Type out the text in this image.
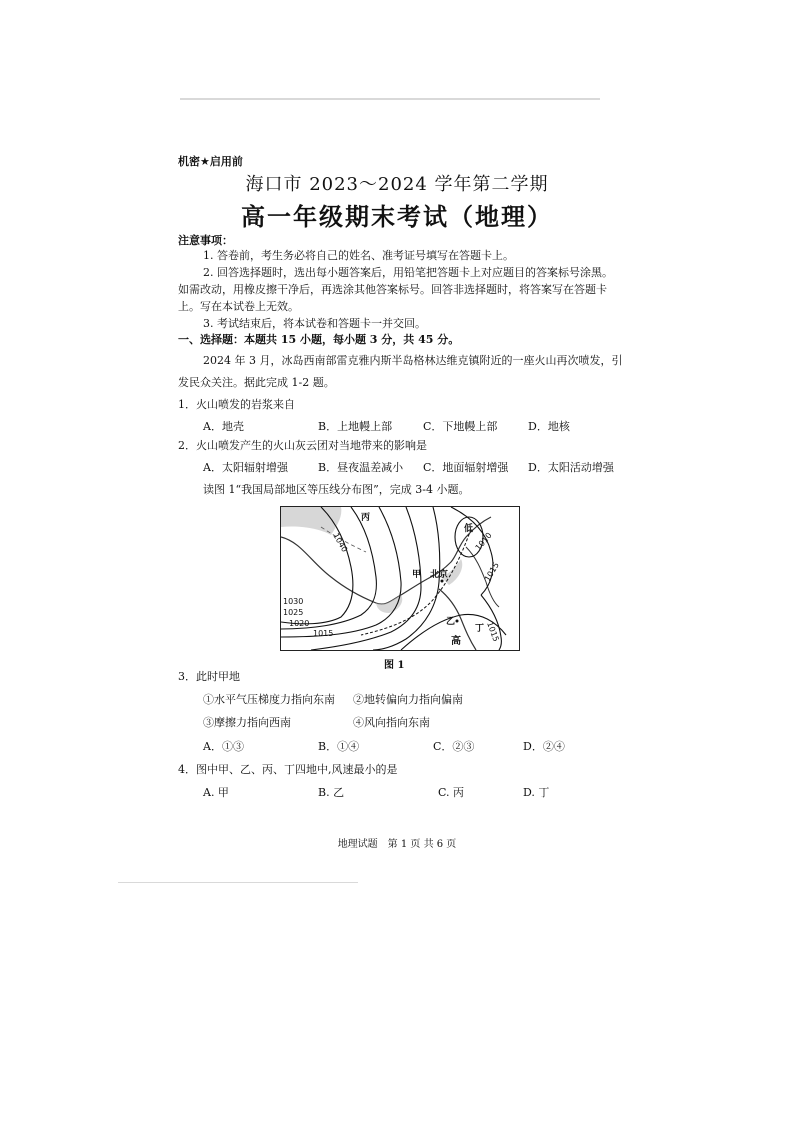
机密★启用前
海口市 2023～2024 学年第二学期
高一年级期末考试（地理）
注意事项：
1. 答卷前，考生务必将自己的姓名、准考证号填写在答题卡上。
2. 回答选择题时，选出每小题答案后，用铅笔把答题卡上对应题目的答案标号涂黑。
如需改动，用橡皮擦干净后，再选涂其他答案标号。回答非选择题时，将答案写在答题卡
上。写在本试卷上无效。
3. 考试结束后，将本试卷和答题卡一并交回。
一、选择题：本题共 15 小题，每小题 3 分，共 45 分。
2024 年 3 月，冰岛西南部雷克雅内斯半岛格林达维克镇附近的一座火山再次喷发，引
发民众关注。据此完成 1-2 题。
1．火山喷发的岩浆来自
A．地壳	B．上地幔上部	C．下地幔上部	D．地核
2．火山喷发产生的火山灰云团对当地带来的影响是
A．太阳辐射增强	B．昼夜温差减小 C．地面辐射增强 D．太阳活动增强
读图 1“我国局部地区等压线分布图”，完成 3-4 小题。
丙
低
甲 北京
乙
丁
高
1040
1030
1025
1020
1015
1010
1015
1015
图 1
3．此时甲地
①水平气压梯度力指向东南 ②地转偏向力指向偏南
③摩擦力指向西南	④风向指向东南
A．①③	B．①④	C．②③	D．②④
4．图中甲、乙、丙、丁四地中,风速最小的是
A. 甲	B. 乙	C. 丙	D. 丁
地理试题　第 1 页 共 6 页
